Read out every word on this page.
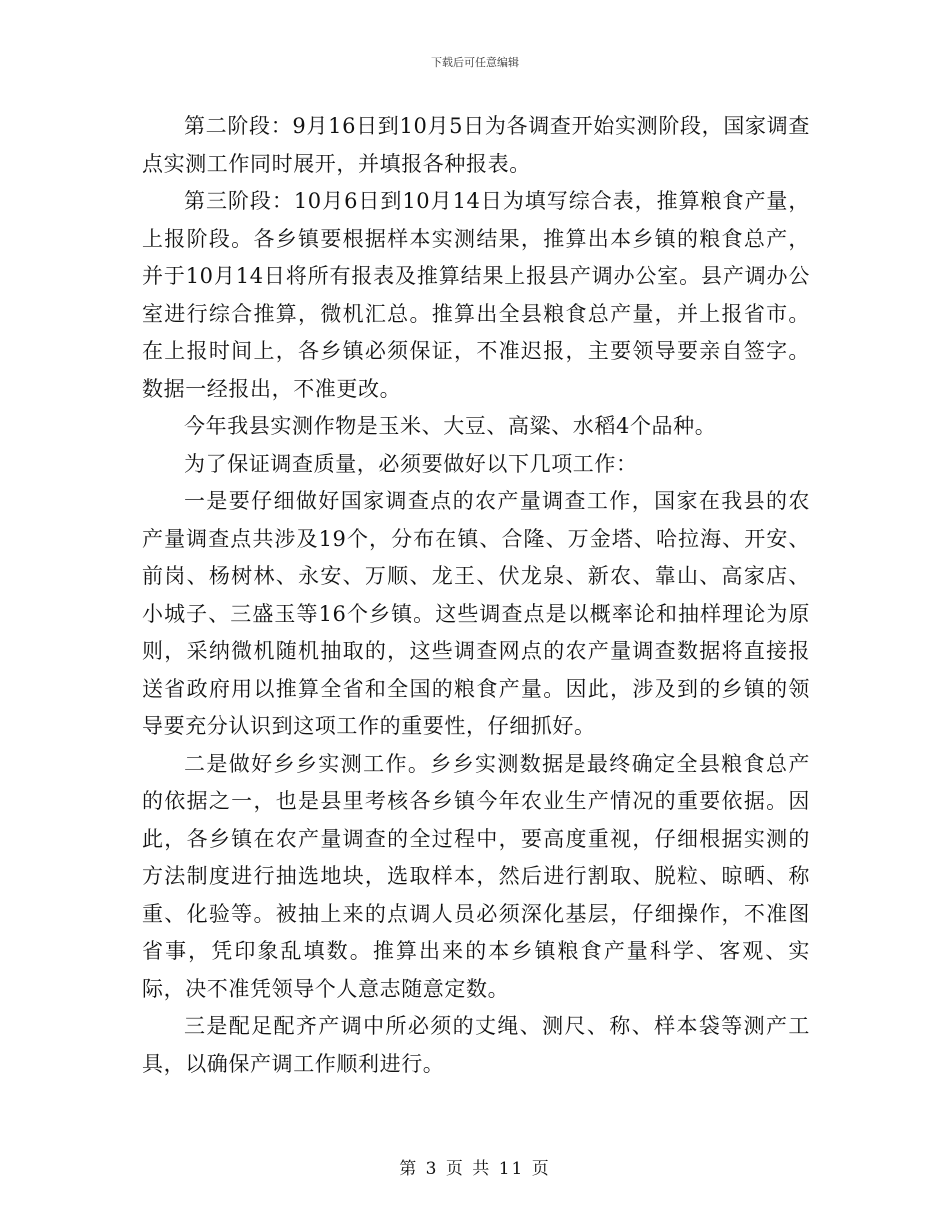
下载后可任意编辑

第二阶段：9月16日到10月5日为各调查开始实测阶段，国家调查点实测工作同时展开，并填报各种报表。

第三阶段：10月6日到10月14日为填写综合表，推算粮食产量，上报阶段。各乡镇要根据样本实测结果，推算出本乡镇的粮食总产，并于10月14日将所有报表及推算结果上报县产调办公室。县产调办公室进行综合推算，微机汇总。推算出全县粮食总产量，并上报省市。在上报时间上，各乡镇必须保证，不准迟报，主要领导要亲自签字。数据一经报出，不准更改。

今年我县实测作物是玉米、大豆、高粱、水稻4个品种。

为了保证调查质量，必须要做好以下几项工作：

一是要仔细做好国家调查点的农产量调查工作，国家在我县的农产量调查点共涉及19个，分布在镇、合隆、万金塔、哈拉海、开安、前岗、杨树林、永安、万顺、龙王、伏龙泉、新农、靠山、高家店、小城子、三盛玉等16个乡镇。这些调查点是以概率论和抽样理论为原则，采纳微机随机抽取的，这些调查网点的农产量调查数据将直接报送省政府用以推算全省和全国的粮食产量。因此，涉及到的乡镇的领导要充分认识到这项工作的重要性，仔细抓好。

二是做好乡乡实测工作。乡乡实测数据是最终确定全县粮食总产的依据之一，也是县里考核各乡镇今年农业生产情况的重要依据。因此，各乡镇在农产量调查的全过程中，要高度重视，仔细根据实测的方法制度进行抽选地块，选取样本，然后进行割取、脱粒、晾晒、称重、化验等。被抽上来的点调人员必须深化基层，仔细操作，不准图省事，凭印象乱填数。推算出来的本乡镇粮食产量科学、客观、实际，决不准凭领导个人意志随意定数。

三是配足配齐产调中所必须的丈绳、测尺、称、样本袋等测产工具，以确保产调工作顺利进行。

第 3 页 共 11 页
